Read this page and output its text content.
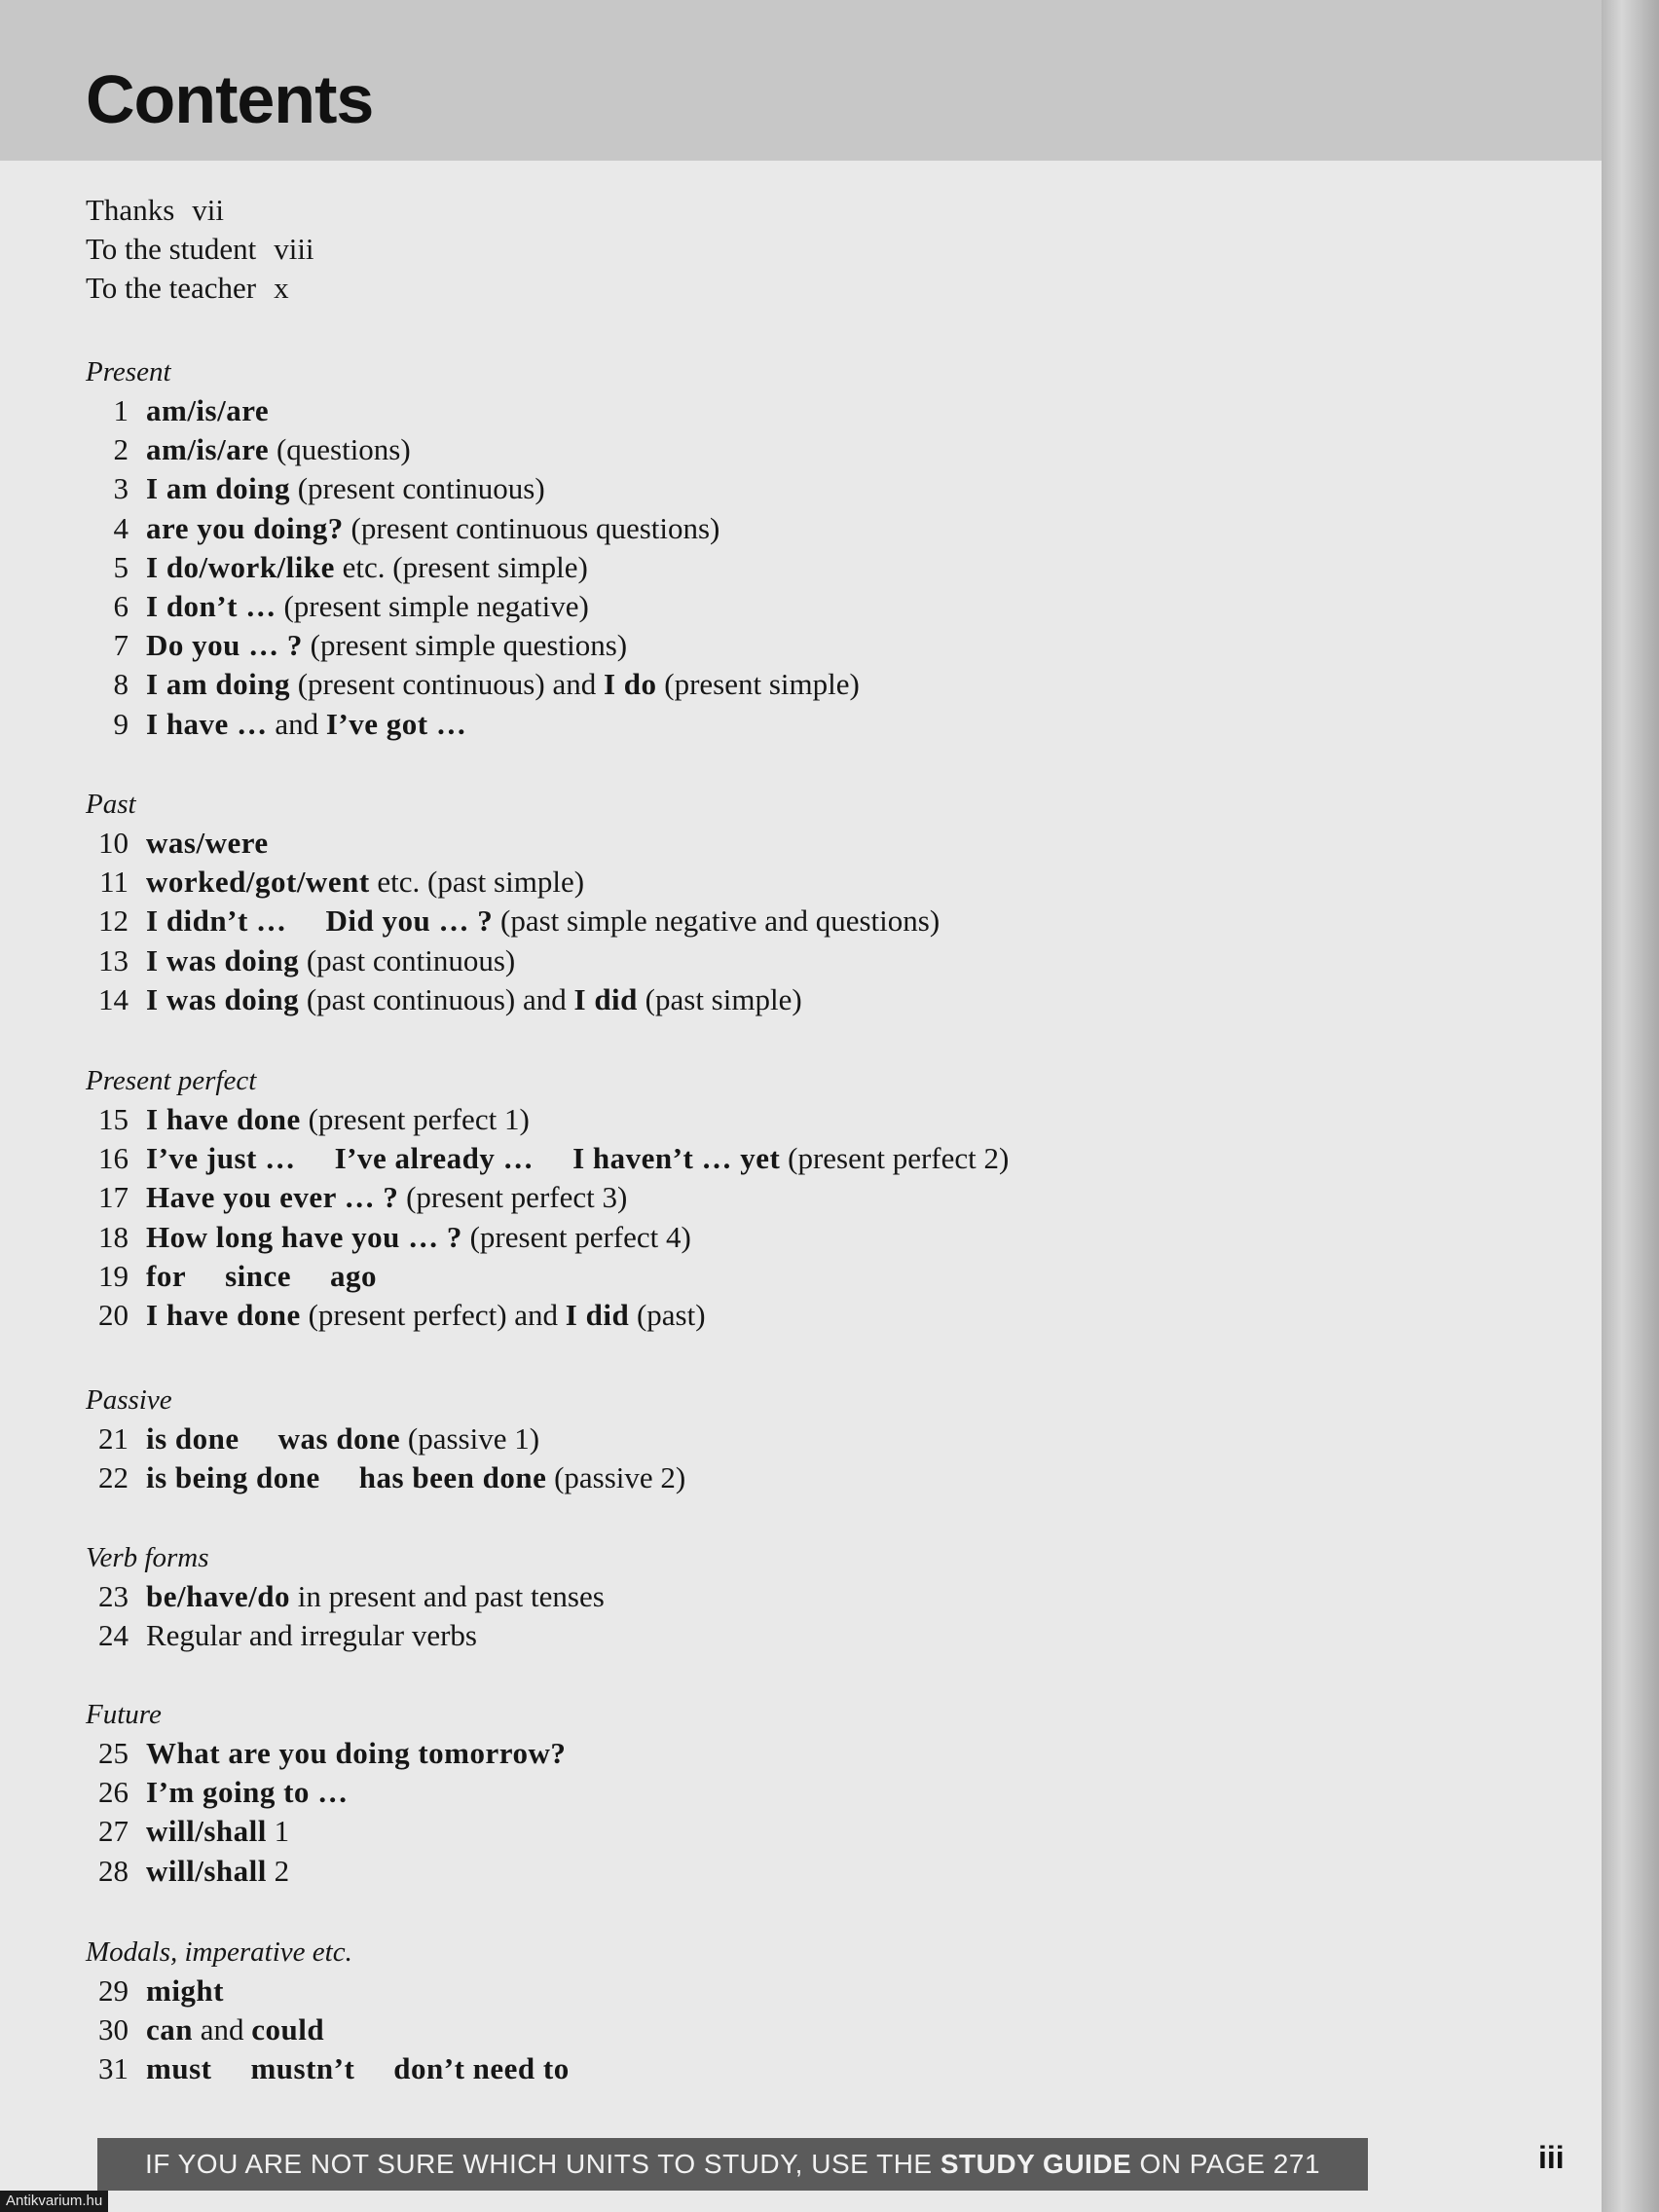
Contents
Thanks vii
To the student viii
To the teacher x
Present
1 am/is/are
2 am/is/are (questions)
3 I am doing (present continuous)
4 are you doing? (present continuous questions)
5 I do/work/like etc. (present simple)
6 I don’t … (present simple negative)
7 Do you … ? (present simple questions)
8 I am doing (present continuous) and I do (present simple)
9 I have … and I’ve got …
Past
10 was/were
11 worked/got/went etc. (past simple)
12 I didn’t … Did you … ? (past simple negative and questions)
13 I was doing (past continuous)
14 I was doing (past continuous) and I did (past simple)
Present perfect
15 I have done (present perfect 1)
16 I’ve just … I’ve already … I haven’t … yet (present perfect 2)
17 Have you ever … ? (present perfect 3)
18 How long have you … ? (present perfect 4)
19 for since ago
20 I have done (present perfect) and I did (past)
Passive
21 is done was done (passive 1)
22 is being done has been done (passive 2)
Verb forms
23 be/have/do in present and past tenses
24 Regular and irregular verbs
Future
25 What are you doing tomorrow?
26 I’m going to …
27 will/shall 1
28 will/shall 2
Modals, imperative etc.
29 might
30 can and could
31 must mustn’t don’t need to
IF YOU ARE NOT SURE WHICH UNITS TO STUDY, USE THE STUDY GUIDE ON PAGE 271	iii
Antikvarium.hu
